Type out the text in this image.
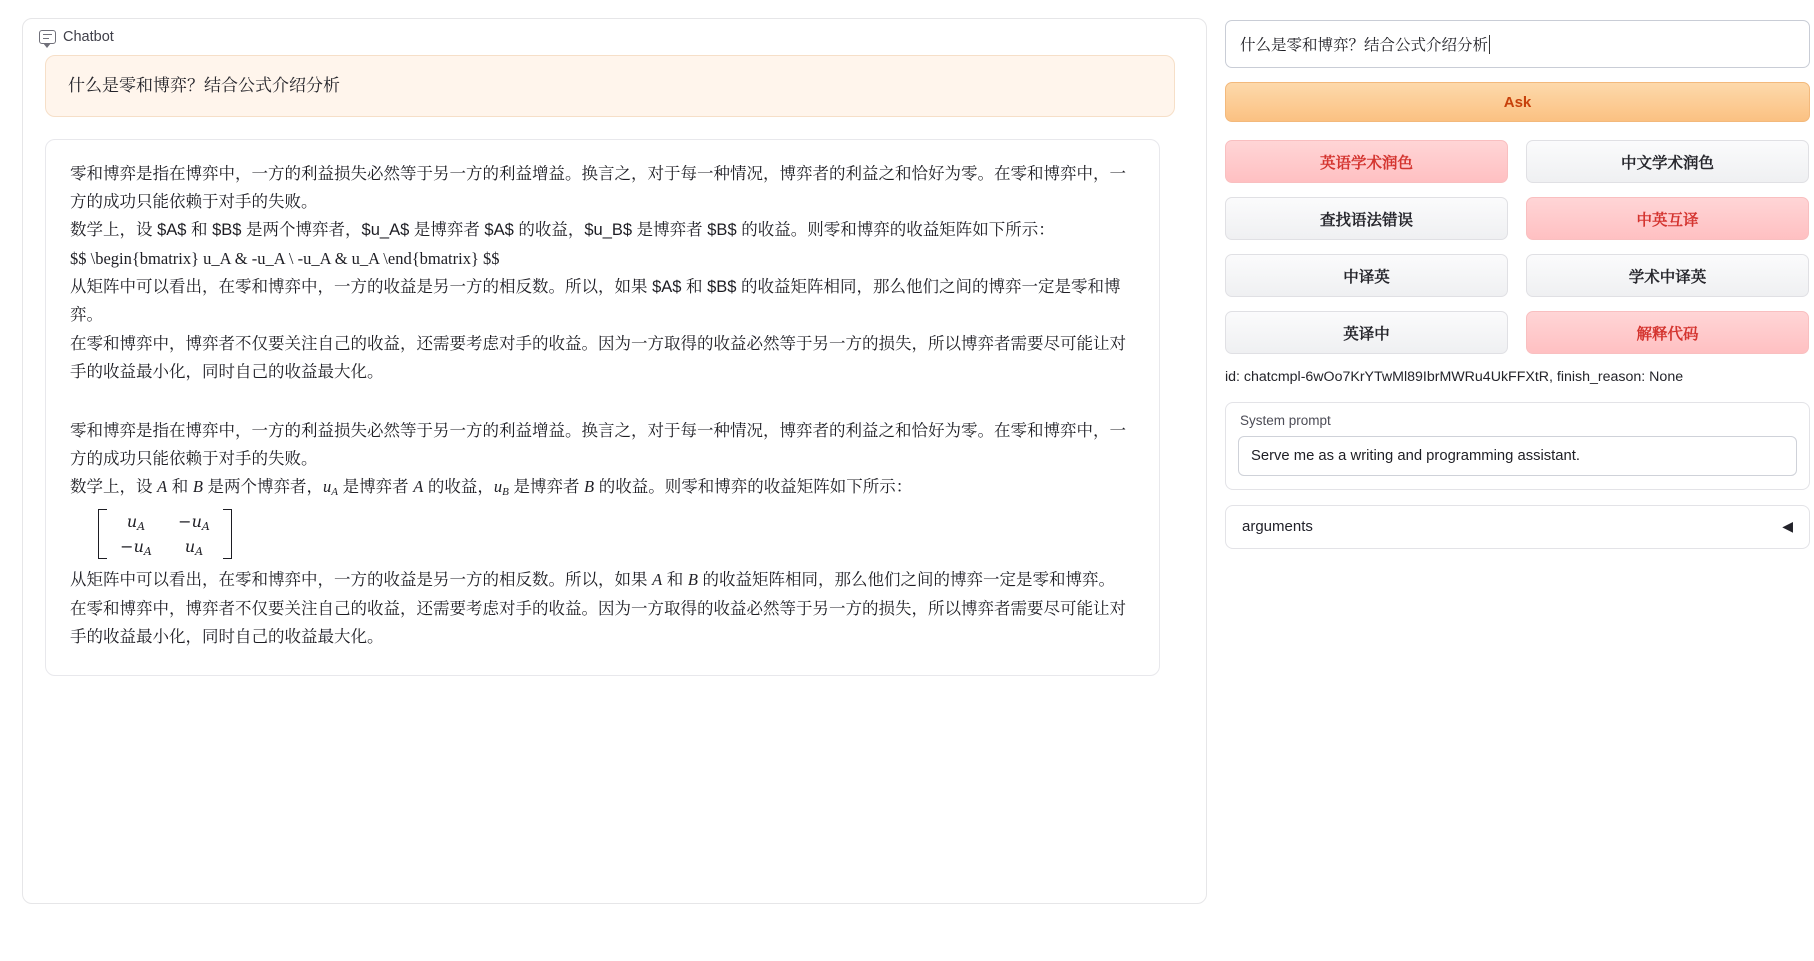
Chatbot
什么是零和博弈？结合公式介绍分析
零和博弈是指在博弈中，一方的利益损失必然等于另一方的利益增益。换言之，对于每一种情况，博弈者的利益之和恰好为零。在零和博弈中，一方的成功只能依赖于对手的失败。
数学上，设 $A$ 和 $B$ 是两个博弈者，$u_A$ 是博弈者 $A$ 的收益，$u_B$ 是博弈者 $B$ 的收益。则零和博弈的收益矩阵如下所示：
$$ \begin{bmatrix} u_A & -u_A \ -u_A & u_A \end{bmatrix} $$
从矩阵中可以看出，在零和博弈中，一方的收益是另一方的相反数。所以，如果 $A$ 和 $B$ 的收益矩阵相同，那么他们之间的博弈一定是零和博弈。
在零和博弈中，博弈者不仅要关注自己的收益，还需要考虑对手的收益。因为一方取得的收益必然等于另一方的损失，所以博弈者需要尽可能让对手的收益最小化，同时自己的收益最大化。
零和博弈是指在博弈中，一方的利益损失必然等于另一方的利益增益。换言之，对于每一种情况，博弈者的利益之和恰好为零。在零和博弈中，一方的成功只能依赖于对手的失败。
数学上，设 A 和 B 是两个博弈者，$u_A$ 是博弈者 A 的收益，$u_B$ 是博弈者 B 的收益。则零和博弈的收益矩阵如下所示：
$u_A$	$-u_A$
$-u_A$	$u_A$
从矩阵中可以看出，在零和博弈中，一方的收益是另一方的相反数。所以，如果 A 和 B 的收益矩阵相同，那么他们之间的博弈一定是零和博弈。
在零和博弈中，博弈者不仅要关注自己的收益，还需要考虑对手的收益。因为一方取得的收益必然等于另一方的损失，所以博弈者需要尽可能让对手的收益最小化，同时自己的收益最大化。
什么是零和博弈？结合公式介绍分析
Ask
英语学术润色	中文学术润色
查找语法错误	中英互译
中译英	学术中译英
英译中	解释代码
id: chatcmpl-6wOo7KrYTwMl89IbrMWRu4UkFFXtR, finish_reason: None
System prompt
Serve me as a writing and programming assistant.
arguments	◀
